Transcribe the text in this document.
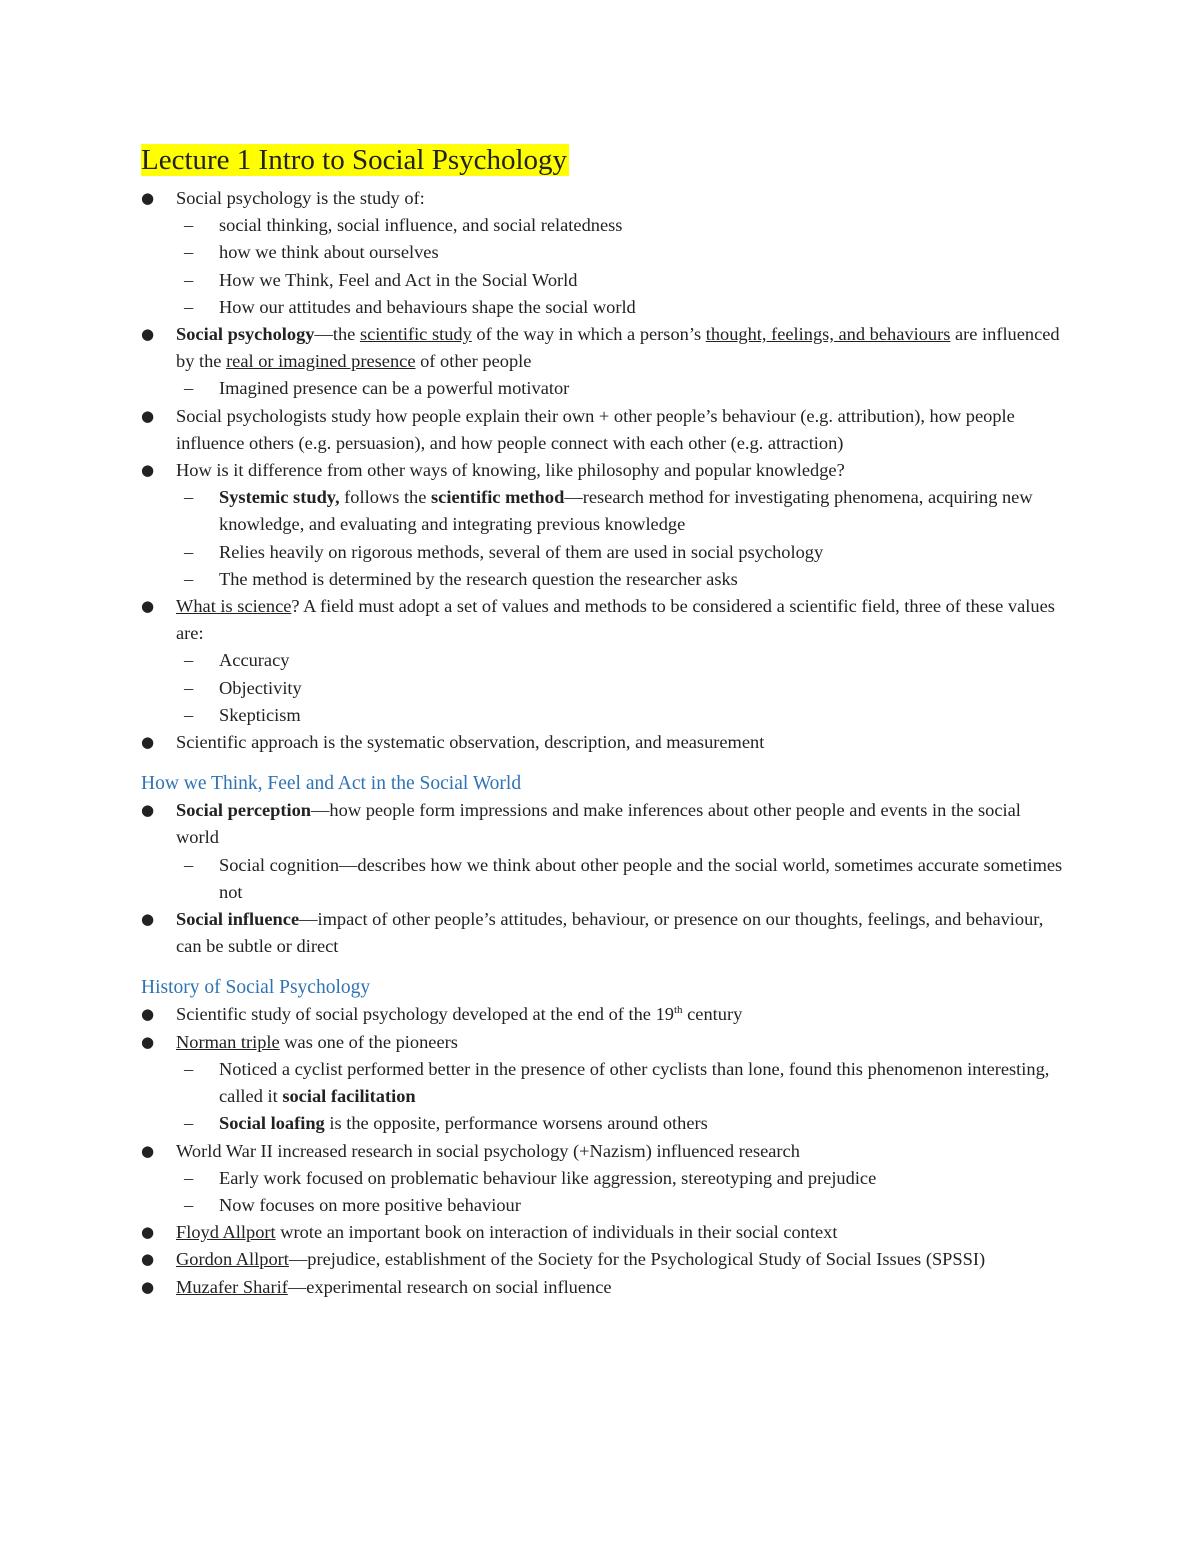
Lecture 1 Intro to Social Psychology
● Social psychology is the study of:
– social thinking, social influence, and social relatedness
– how we think about ourselves
– How we Think, Feel and Act in the Social World
– How our attitudes and behaviours shape the social world
● Social psychology—the scientific study of the way in which a person’s thought, feelings, and behaviours are influenced by the real or imagined presence of other people
– Imagined presence can be a powerful motivator
● Social psychologists study how people explain their own + other people’s behaviour (e.g. attribution), how people influence others (e.g. persuasion), and how people connect with each other (e.g. attraction)
● How is it difference from other ways of knowing, like philosophy and popular knowledge?
– Systemic study, follows the scientific method—research method for investigating phenomena, acquiring new knowledge, and evaluating and integrating previous knowledge
– Relies heavily on rigorous methods, several of them are used in social psychology
– The method is determined by the research question the researcher asks
● What is science? A field must adopt a set of values and methods to be considered a scientific field, three of these values are:
– Accuracy
– Objectivity
– Skepticism
● Scientific approach is the systematic observation, description, and measurement
How we Think, Feel and Act in the Social World
● Social perception—how people form impressions and make inferences about other people and events in the social world
– Social cognition—describes how we think about other people and the social world, sometimes accurate sometimes not
● Social influence—impact of other people’s attitudes, behaviour, or presence on our thoughts, feelings, and behaviour, can be subtle or direct
History of Social Psychology
● Scientific study of social psychology developed at the end of the 19th century
● Norman triple was one of the pioneers
– Noticed a cyclist performed better in the presence of other cyclists than lone, found this phenomenon interesting, called it social facilitation
– Social loafing is the opposite, performance worsens around others
● World War II increased research in social psychology (+Nazism) influenced research
– Early work focused on problematic behaviour like aggression, stereotyping and prejudice
– Now focuses on more positive behaviour
● Floyd Allport wrote an important book on interaction of individuals in their social context
● Gordon Allport—prejudice, establishment of the Society for the Psychological Study of Social Issues (SPSSI)
● Muzafer Sharif—experimental research on social influence
